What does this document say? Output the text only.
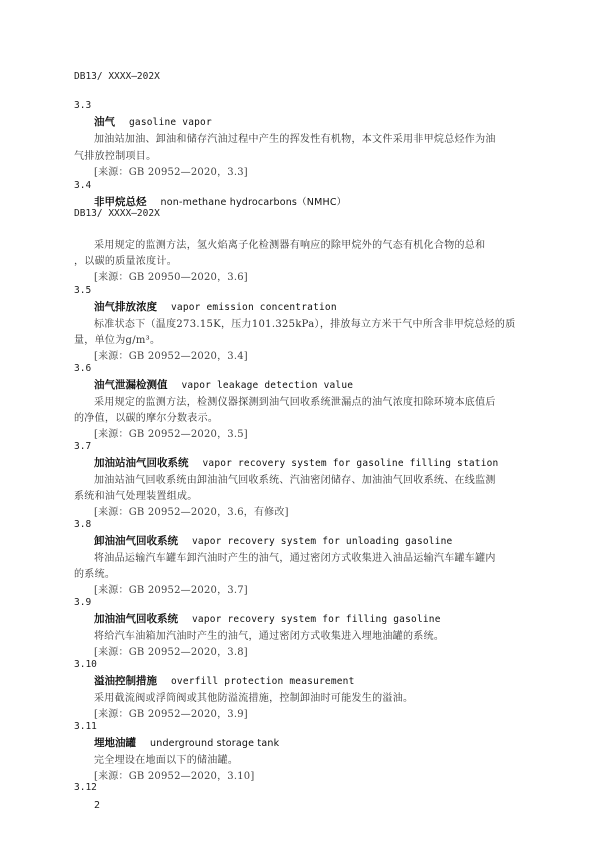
DB13/ XXXX—202X
3.3
油气 gasoline vapor
加油站加油、卸油和储存汽油过程中产生的挥发性有机物，本文件采用非甲烷总烃作为油
气排放控制项目。
[来源：GB 20952—2020，3.3]
3.4
非甲烷总烃 non-methane hydrocarbons（NMHC）
DB13/ XXXX—202X
采用规定的监测方法，氢火焰离子化检测器有响应的除甲烷外的气态有机化合物的总和
，以碳的质量浓度计。
[来源：GB 20950—2020，3.6]
3.5
油气排放浓度 vapor emission concentration
标准状态下（温度273.15K，压力101.325kPa），排放每立方米干气中所含非甲烷总烃的质
量，单位为g/m³。
[来源：GB 20952—2020，3.4]
3.6
油气泄漏检测值 vapor leakage detection value
采用规定的监测方法，检测仪器探测到油气回收系统泄漏点的油气浓度扣除环境本底值后
的净值，以碳的摩尔分数表示。
[来源：GB 20952—2020，3.5]
3.7
加油站油气回收系统 vapor recovery system for gasoline filling station
加油站油气回收系统由卸油油气回收系统、汽油密闭储存、加油油气回收系统、在线监测
系统和油气处理装置组成。
[来源：GB 20952—2020，3.6，有修改]
3.8
卸油油气回收系统 vapor recovery system for unloading gasoline
将油品运输汽车罐车卸汽油时产生的油气，通过密闭方式收集进入油品运输汽车罐车罐内
的系统。
[来源：GB 20952—2020，3.7]
3.9
加油油气回收系统 vapor recovery system for filling gasoline
将给汽车油箱加汽油时产生的油气，通过密闭方式收集进入埋地油罐的系统。
[来源：GB 20952—2020，3.8]
3.10
溢油控制措施 overfill protection measurement
采用截流阀或浮筒阀或其他防溢流措施，控制卸油时可能发生的溢油。
[来源：GB 20952—2020，3.9]
3.11
埋地油罐 underground storage tank
完全埋设在地面以下的储油罐。
[来源：GB 20952—2020，3.10]
3.12
2
